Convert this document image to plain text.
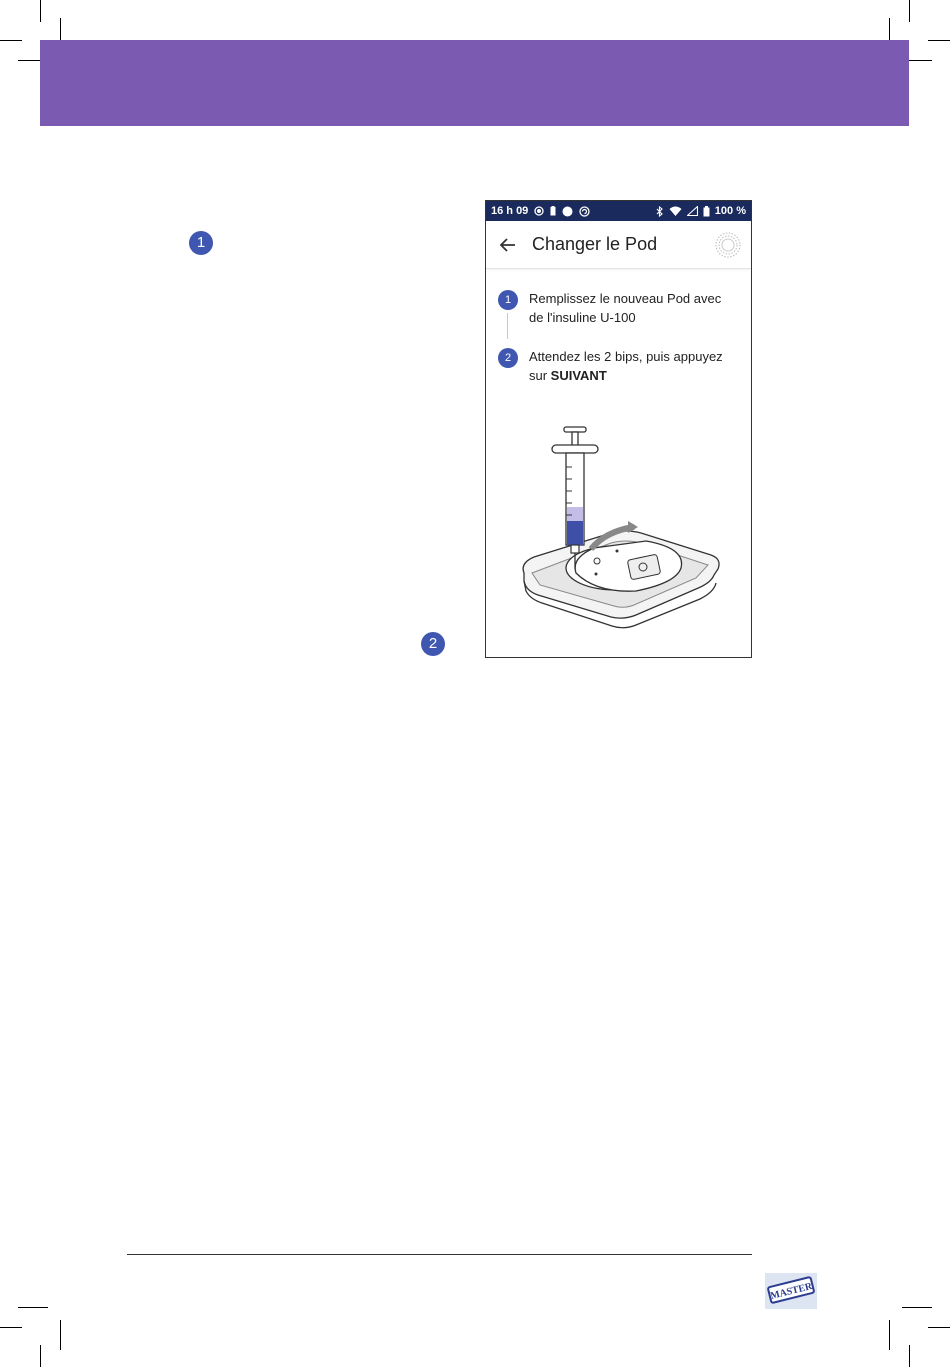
1
2
16 h 09	100 %
Changer le Pod
1	Remplissez le nouveau Pod avec de l'insuline U-100
2	Attendez les 2 bips, puis appuyez sur SUIVANT
MASTER
